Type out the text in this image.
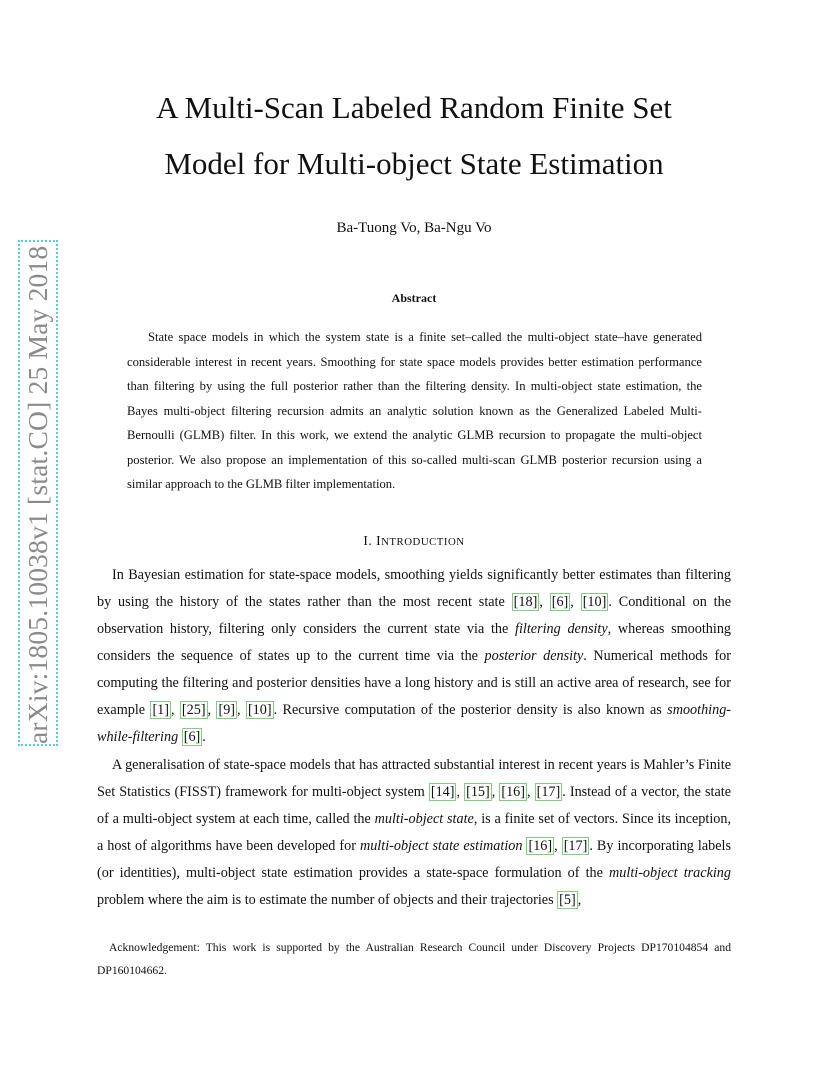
arXiv:1805.10038v1 [stat.CO] 25 May 2018
A Multi-Scan Labeled Random Finite Set
Model for Multi-object State Estimation
Ba-Tuong Vo, Ba-Ngu Vo
Abstract

State space models in which the system state is a finite set–called the multi-object state–have generated considerable interest in recent years. Smoothing for state space models provides better estimation performance than filtering by using the full posterior rather than the filtering density. In multi-object state estimation, the Bayes multi-object filtering recursion admits an analytic solution known as the Generalized Labeled Multi-Bernoulli (GLMB) filter. In this work, we extend the analytic GLMB recursion to propagate the multi-object posterior. We also propose an implementation of this so-called multi-scan GLMB posterior recursion using a similar approach to the GLMB filter implementation.

I. INTRODUCTION

In Bayesian estimation for state-space models, smoothing yields significantly better estimates than filtering by using the history of the states rather than the most recent state [18] , [6] , [10] . Conditional on the observation history, filtering only considers the current state via the filtering density, whereas smoothing considers the sequence of states up to the current time via the posterior density. Numerical methods for computing the filtering and posterior densities have a long history and is still an active area of research, see for example [1] , [25] , [9] , [10] . Recursive computation of the posterior density is also known as smoothing-while-filtering [6] .

A generalisation of state-space models that has attracted substantial interest in recent years is Mahler’s Finite Set Statistics (FISST) framework for multi-object system [14] , [15] , [16] , [17] . Instead of a vector, the state of a multi-object system at each time, called the multi-object state, is a finite set of vectors. Since its inception, a host of algorithms have been developed for multi-object state estimation [16] , [17] . By incorporating labels (or identities), multi-object state estimation provides a state-space formulation of the multi-object tracking problem where the aim is to estimate the number of objects and their trajectories [5] ,

Acknowledgement: This work is supported by the Australian Research Council under Discovery Projects DP170104854 and DP160104662.
